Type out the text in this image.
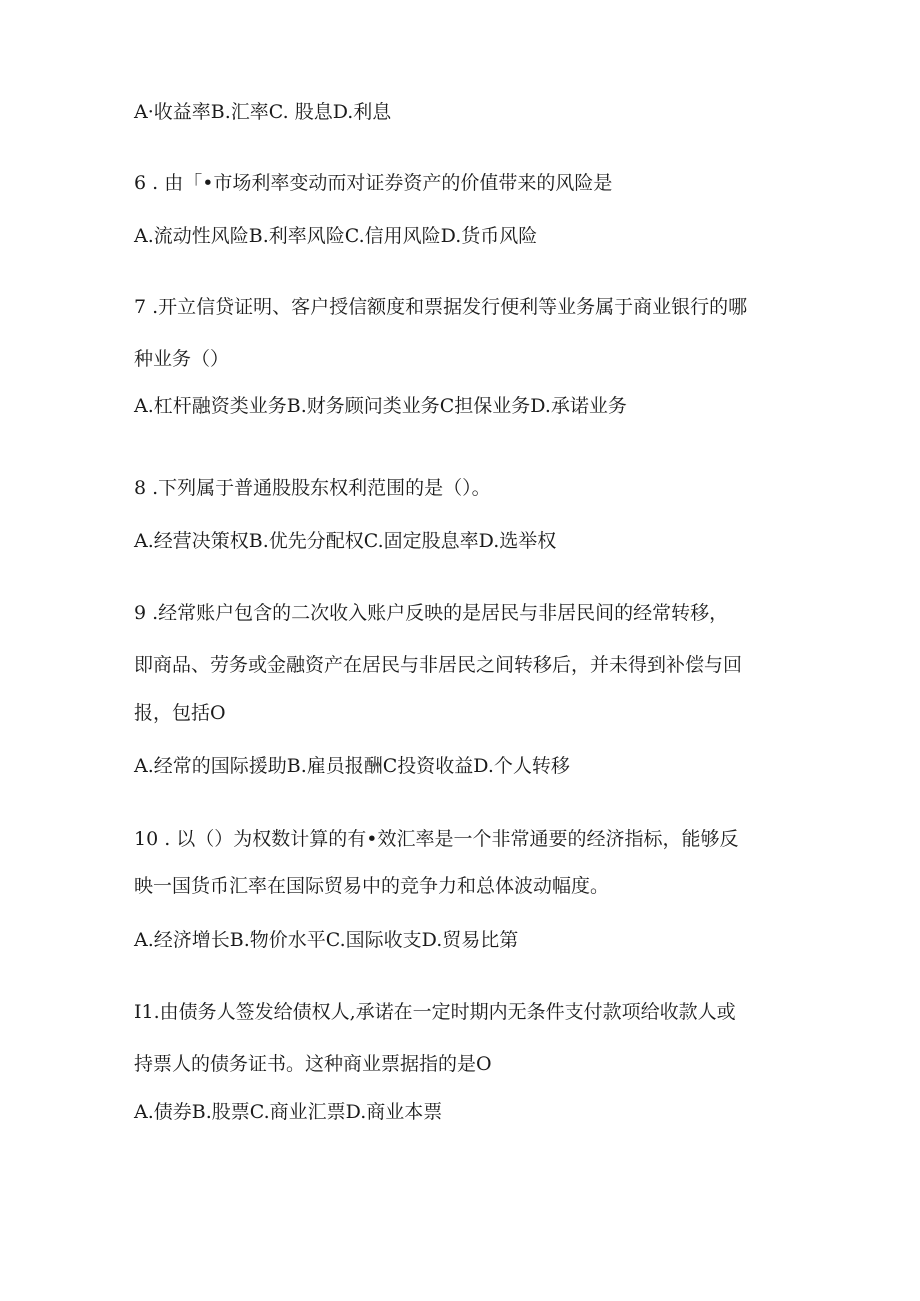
A·收益率B.汇率C. 股息D.利息
6 . 由「•市场利率变动而对证券资产的价值带来的风险是
A.流动性风险B.利率风险C.信用风险D.货币风险
7 .开立信贷证明、客户授信额度和票据发行便利等业务属于商业银行的哪
种业务（）
A.杠杆融资类业务B.财务顾问类业务C担保业务D.承诺业务
8 .下列属于普通股股东权利范围的是（）。
A.经营决策权B.优先分配权C.固定股息率D.选举权
9 .经常账户包含的二次收入账户反映的是居民与非居民间的经常转移，
即商品、劳务或金融资产在居民与非居民之间转移后，并未得到补偿与回
报，包括O
A.经常的国际援助B.雇员报酬C投资收益D.个人转移
10 . 以（）为权数计算的有•效汇率是一个非常通要的经济指标，能够反
映一国货币汇率在国际贸易中的竞争力和总体波动幅度。
A.经济增长B.物价水平C.国际收支D.贸易比第
I1.由债务人签发给债权人,承诺在一定时期内无条件支付款项给收款人或
持票人的债务证书。这种商业票据指的是O
A.债券B.股票C.商业汇票D.商业本票
